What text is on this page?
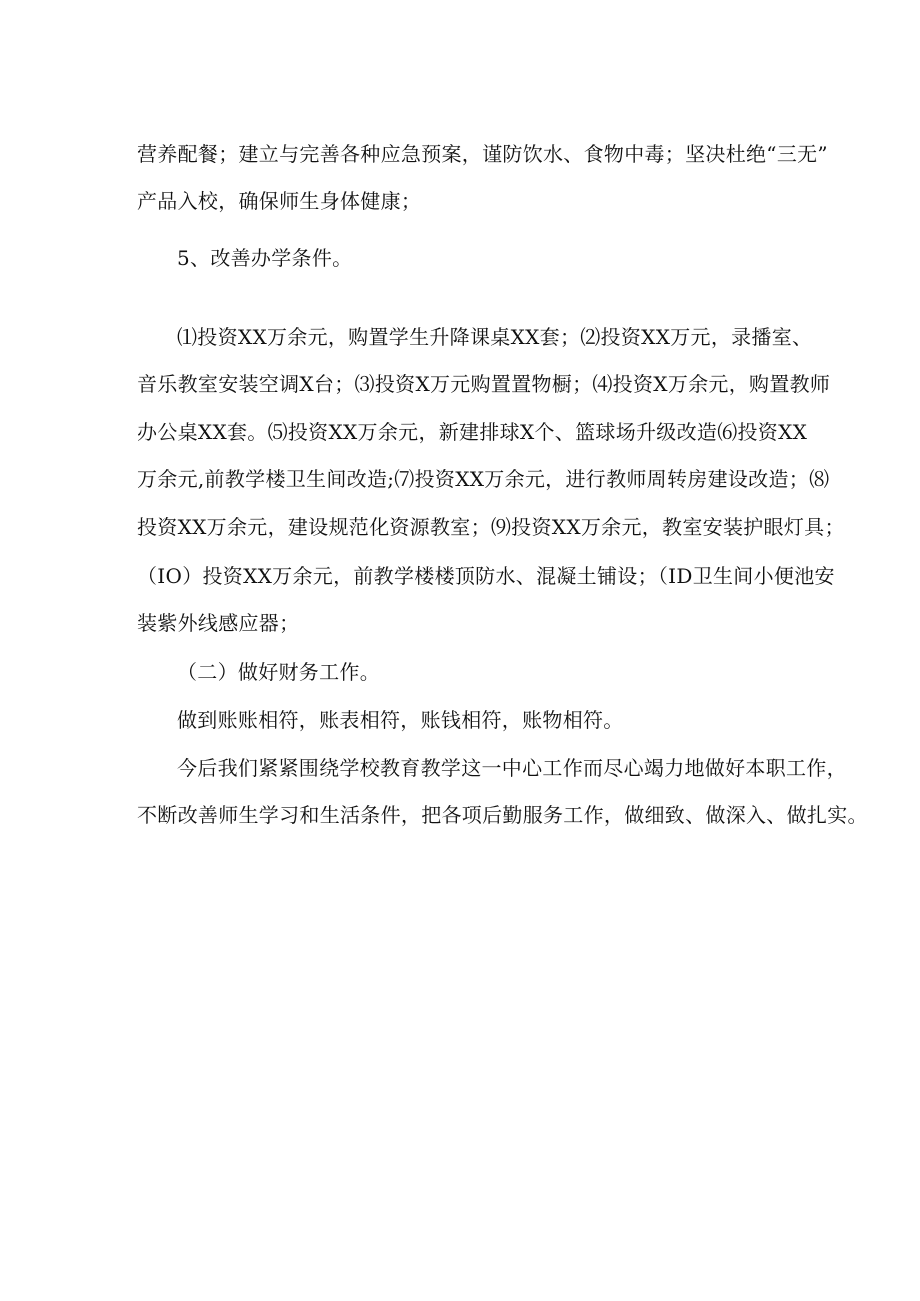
营养配餐；建立与完善各种应急预案，谨防饮水、食物中毒；坚决杜绝“三无”
产品入校，确保师生身体健康；
5、改善办学条件。
⑴投资XX万余元，购置学生升降课桌XX套；⑵投资XX万元，录播室、
音乐教室安装空调X台；⑶投资X万元购置置物橱；⑷投资X万余元，购置教师
办公桌XX套。⑸投资XX万余元，新建排球X个、篮球场升级改造⑹投资XX
万余元,前教学楼卫生间改造;⑺投资XX万余元，进行教师周转房建设改造；⑻
投资XX万余元，建设规范化资源教室；⑼投资XX万余元，教室安装护眼灯具；
（IO）投资XX万余元，前教学楼楼顶防水、混凝土铺设；（ID卫生间小便池安
装紫外线感应器；
（二）做好财务工作。
做到账账相符，账表相符，账钱相符，账物相符。
今后我们紧紧围绕学校教育教学这一中心工作而尽心竭力地做好本职工作，
不断改善师生学习和生活条件，把各项后勤服务工作，做细致、做深入、做扎实。
